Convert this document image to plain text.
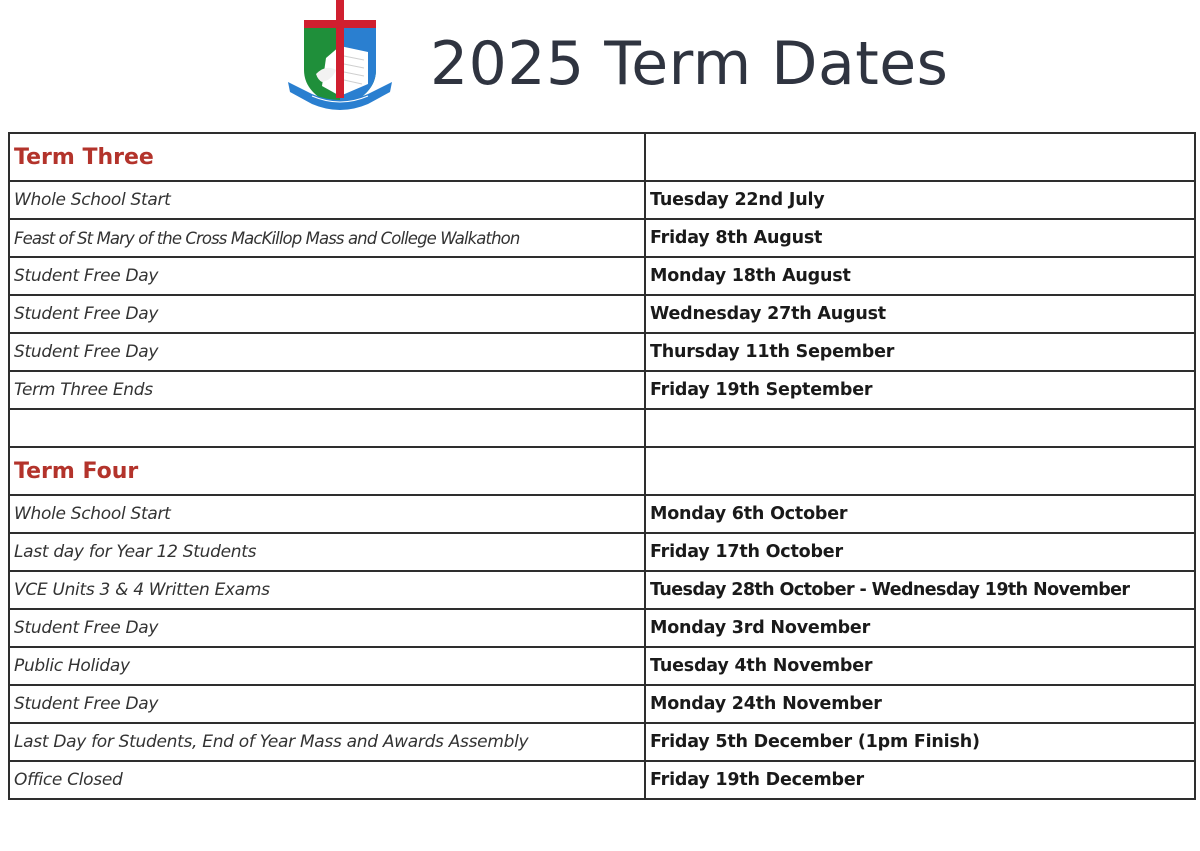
2025 Term Dates
Term Three	
Whole School Start	Tuesday 22nd July
Feast of St Mary of the Cross MacKillop Mass and College Walkathon	Friday 8th August
Student Free Day	Monday 18th August
Student Free Day	Wednesday 27th August
Student Free Day	Thursday 11th Sepember
Term Three Ends	Friday 19th September

Term Four	
Whole School Start	Monday 6th October
Last day for Year 12 Students	Friday 17th October
VCE Units 3 & 4 Written Exams	Tuesday 28th October - Wednesday 19th November
Student Free Day	Monday 3rd November
Public Holiday	Tuesday 4th November
Student Free Day	Monday 24th November
Last Day for Students, End of Year Mass and Awards Assembly	Friday 5th December (1pm Finish)
Office Closed	Friday 19th December
